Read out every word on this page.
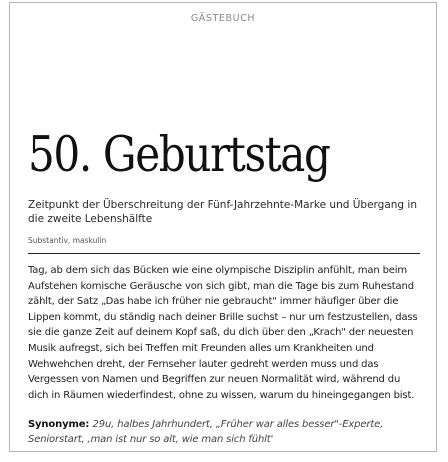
GÄSTEBUCH
50. Geburtstag
Zeitpunkt der Überschreitung der Fünf-Jahrzehnte-Marke und Übergang in die zweite Lebenshälfte
Substantiv, maskulin
Tag, ab dem sich das Bücken wie eine olympische Disziplin anfühlt, man beim Aufstehen komische Geräusche von sich gibt, man die Tage bis zum Ruhestand zählt, der Satz „Das habe ich früher nie gebraucht" immer häufiger über die Lippen kommt, du ständig nach deiner Brille suchst – nur um festzustellen, dass sie die ganze Zeit auf deinem Kopf saß, du dich über den „Krach" der neuesten Musik aufregst, sich bei Treffen mit Freunden alles um Krankheiten und Wehwehchen dreht, der Fernseher lauter gedreht werden muss und das Vergessen von Namen und Begriffen zur neuen Normalität wird, während du dich in Räumen wiederfindest, ohne zu wissen, warum du hineingegangen bist.
Synonyme: 29u, halbes Jahrhundert, „Früher war alles besser"-Experte, Seniorstart, ‚man ist nur so alt, wie man sich fühlt'
